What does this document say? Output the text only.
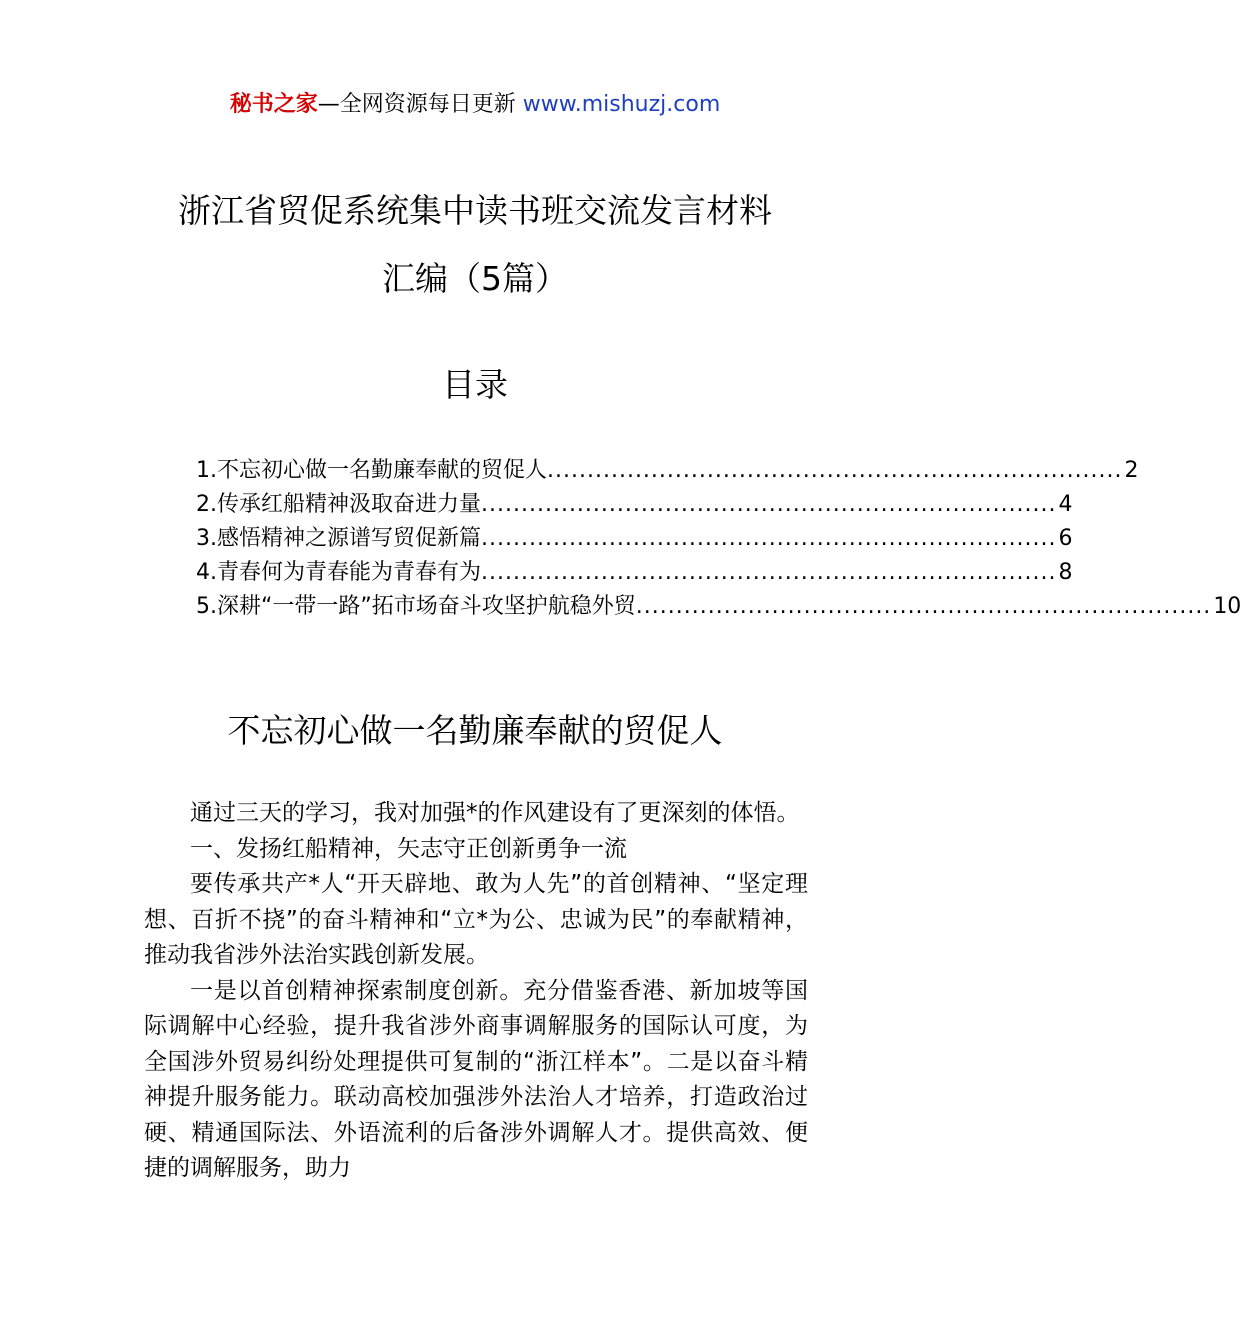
秘书之家—全网资源每日更新 www.mishuzj.com
浙江省贸促系统集中读书班交流发言材料
汇编（5篇）
目录
1. 不忘初心做一名勤廉奉献的贸促人 ........................................................................ 2
2. 传承红船精神汲取奋进力量 ........................................................................ 4
3. 感悟精神之源谱写贸促新篇 ........................................................................ 6
4. 青春何为青春能为青春有为 ........................................................................ 8
5. 深耕“一带一路”拓市场奋斗攻坚护航稳外贸 ........................................................................ 10
不忘初心做一名勤廉奉献的贸促人

通过三天的学习，我对加强*的作风建设有了更深刻的体悟。

一、发扬红船精神，矢志守正创新勇争一流

要传承共产*人“开天辟地、敢为人先”的首创精神、“坚定理想、百折不挠”的奋斗精神和“立*为公、忠诚为民”的奉献精神，推动我省涉外法治实践创新发展。

一是以首创精神探索制度创新。充分借鉴香港、新加坡等国际调解中心经验，提升我省涉外商事调解服务的国际认可度，为全国涉外贸易纠纷处理提供可复制的“浙江样本”。二是以奋斗精神提升服务能力。联动高校加强涉外法治人才培养，打造政治过硬、精通国际法、外语流利的后备涉外调解人才。提供高效、便捷的调解服务，助力
